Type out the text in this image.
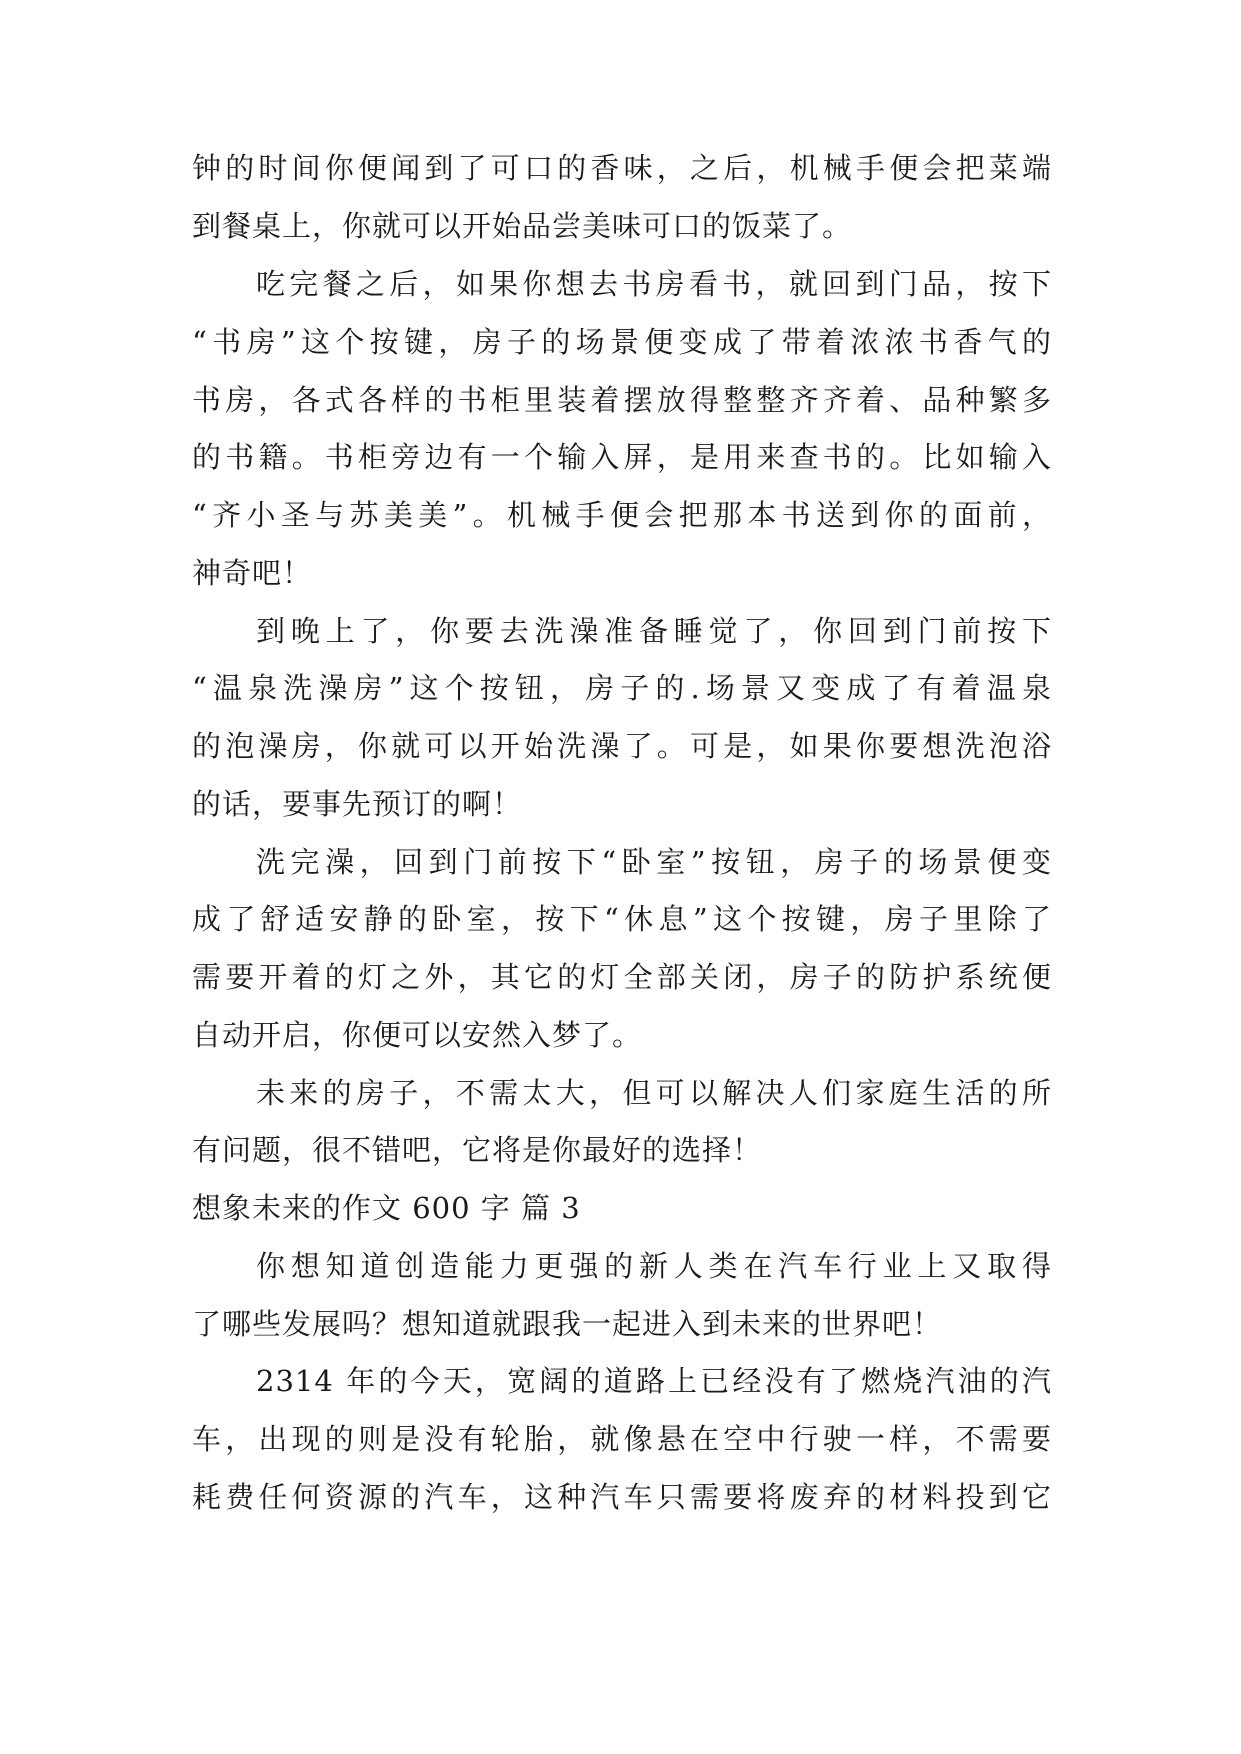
钟的时间你便闻到了可口的香味，之后，机械手便会把菜端
到餐桌上，你就可以开始品尝美味可口的饭菜了。
吃完餐之后，如果你想去书房看书，就回到门品，按下
“书房”这个按键，房子的场景便变成了带着浓浓书香气的
书房，各式各样的书柜里装着摆放得整整齐齐着、品种繁多
的书籍。书柜旁边有一个输入屏，是用来查书的。比如输入
“齐小圣与苏美美”。机械手便会把那本书送到你的面前，
神奇吧！
到晚上了，你要去洗澡准备睡觉了，你回到门前按下
“温泉洗澡房”这个按钮，房子的.场景又变成了有着温泉
的泡澡房，你就可以开始洗澡了。可是，如果你要想洗泡浴
的话，要事先预订的啊！
洗完澡，回到门前按下“卧室”按钮，房子的场景便变
成了舒适安静的卧室，按下“休息”这个按键，房子里除了
需要开着的灯之外，其它的灯全部关闭，房子的防护系统便
自动开启，你便可以安然入梦了。
未来的房子，不需太大，但可以解决人们家庭生活的所
有问题，很不错吧，它将是你最好的选择！
想象未来的作文 600 字 篇 3
你想知道创造能力更强的新人类在汽车行业上又取得
了哪些发展吗？想知道就跟我一起进入到未来的世界吧！
2314 年的今天，宽阔的道路上已经没有了燃烧汽油的汽
车，出现的则是没有轮胎，就像悬在空中行驶一样，不需要
耗费任何资源的汽车，这种汽车只需要将废弃的材料投到它
